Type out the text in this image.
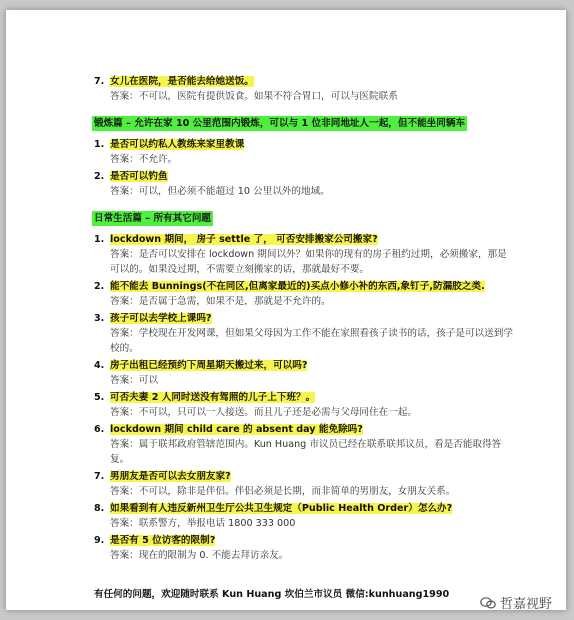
7. 女儿在医院，是否能去给她送饭。

答案：不可以，医院有提供饭食。如果不符合胃口，可以与医院联系

锻炼篇 – 允许在家 10 公里范围内锻炼，可以与 1 位非同地址人一起，但不能坐同辆车

1. 是否可以约私人教练来家里教课

答案：不允许。

2. 是否可以钓鱼

答案：可以，但必须不能超过 10 公里以外的地域。

日常生活篇 – 所有其它问题

1. lockdown 期间， 房子 settle 了， 可否安排搬家公司搬家?

答案：是否可以安排在 lockdown 期间以外？如果你的现有的房子租约过期，必须搬家，那是可以的。如果没过期，不需要立刻搬家的话，那就最好不要。

2. 能不能去 Bunnings(不在同区,但离家最近的)买点小修小补的东西,象钉子,防漏胶之类.

答案：是否属于急需，如果不是，那就是不允许的。

3. 孩子可以去学校上课吗?

答案：学校现在开发网课，但如果父母因为工作不能在家照看孩子读书的话，孩子是可以送到学校的。

4. 房子出租已经预约下周星期天搬过来，可以吗?

答案：可以

5. 可否夫妻 2 人同时送没有驾照的儿子上下班？。

答案：不可以，只可以一人接送。而且儿子还是必需与父母同住在一起。

6. lockdown 期间 child care 的 absent day 能免除吗?

答案：属于联邦政府管辖范围内。Kun Huang 市议员已经在联系联邦议员，看是否能取得答复。

7. 男朋友是否可以去女朋友家?

答案：不可以，除非是伴侣。伴侣必须是长期，而非简单的男朋友，女朋友关系。

8. 如果看到有人违反新州卫生厅公共卫生规定（Public Health Order）怎么办?

答案：联系警方，举报电话 1800 333 000

9. 是否有 5 位访客的限制?

答案：现在的限制为 0. 不能去拜访亲友。

有任何的问题，欢迎随时联系 Kun Huang 坎伯兰市议员 微信:kunhuang1990

哲嘉视野
